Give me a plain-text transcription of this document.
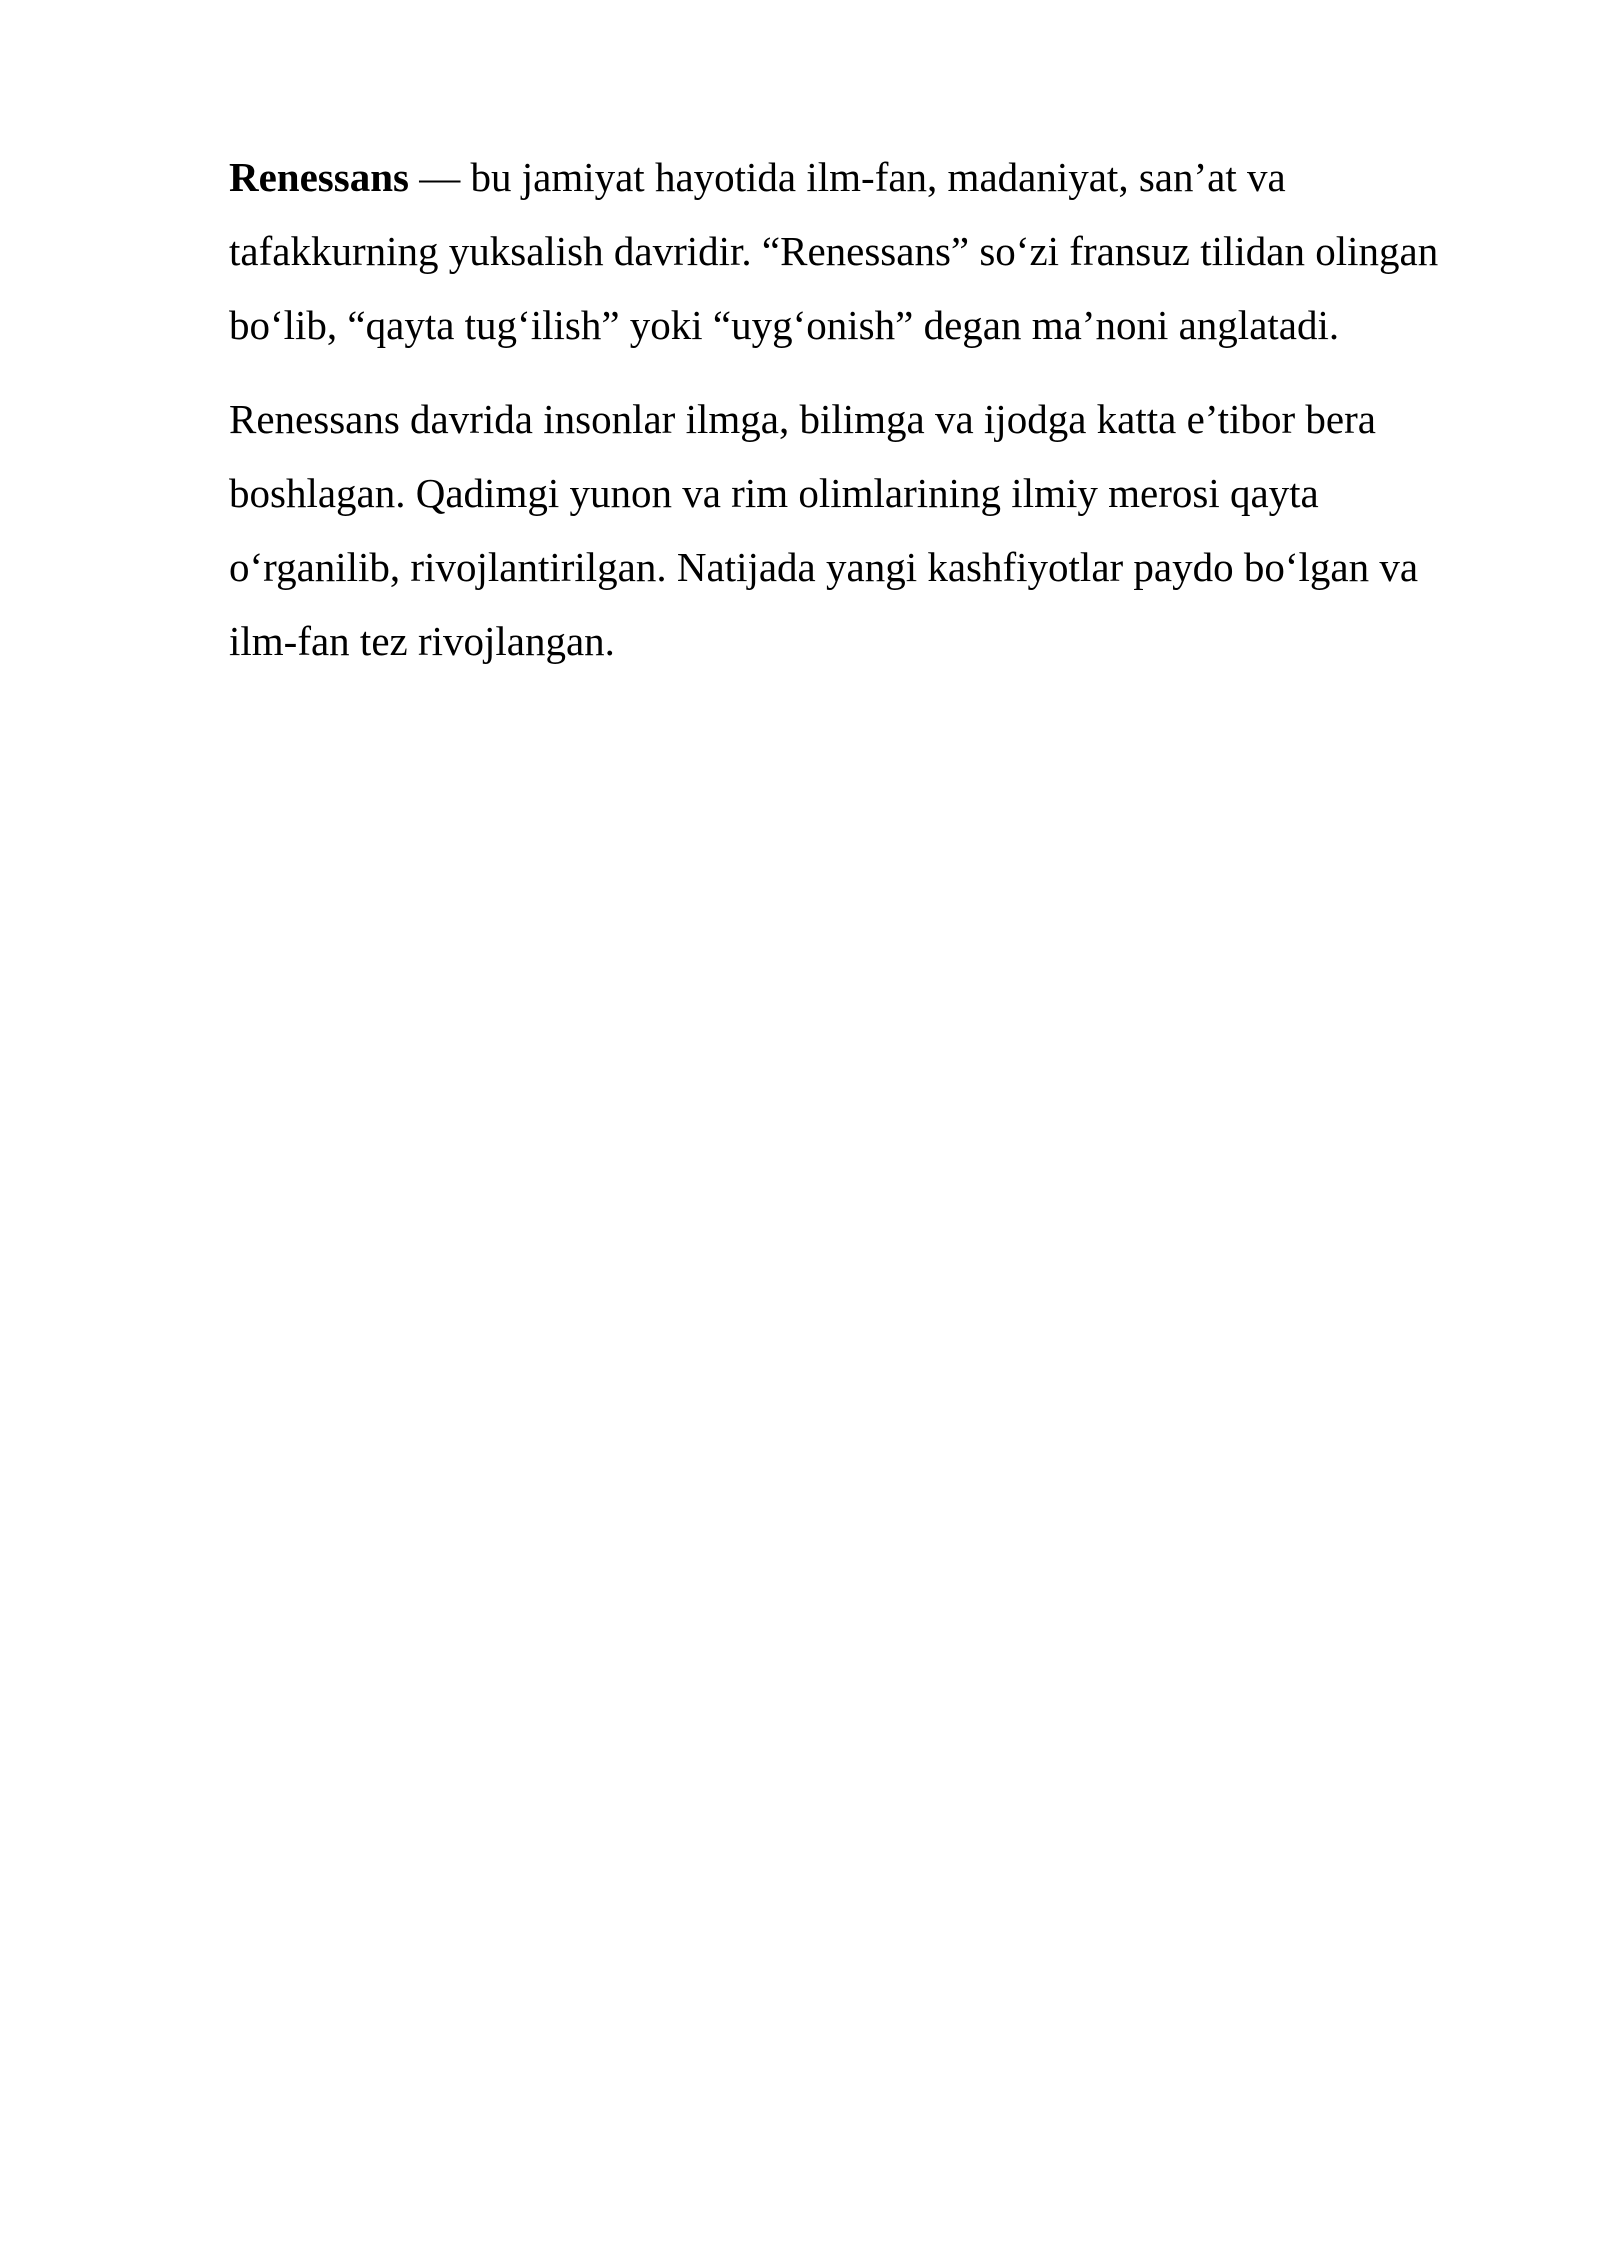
Renessans — bu jamiyat hayotida ilm-fan, madaniyat, san’at va tafakkurning yuksalish davridir. “Renessans” so‘zi fransuz tilidan olingan bo‘lib, “qayta tug‘ilish” yoki “uyg‘onish” degan ma’noni anglatadi.

Renessans davrida insonlar ilmga, bilimga va ijodga katta e’tibor bera boshlagan. Qadimgi yunon va rim olimlarining ilmiy merosi qayta o‘rganilib, rivojlantirilgan. Natijada yangi kashfiyotlar paydo bo‘lgan va ilm-fan tez rivojlangan.
